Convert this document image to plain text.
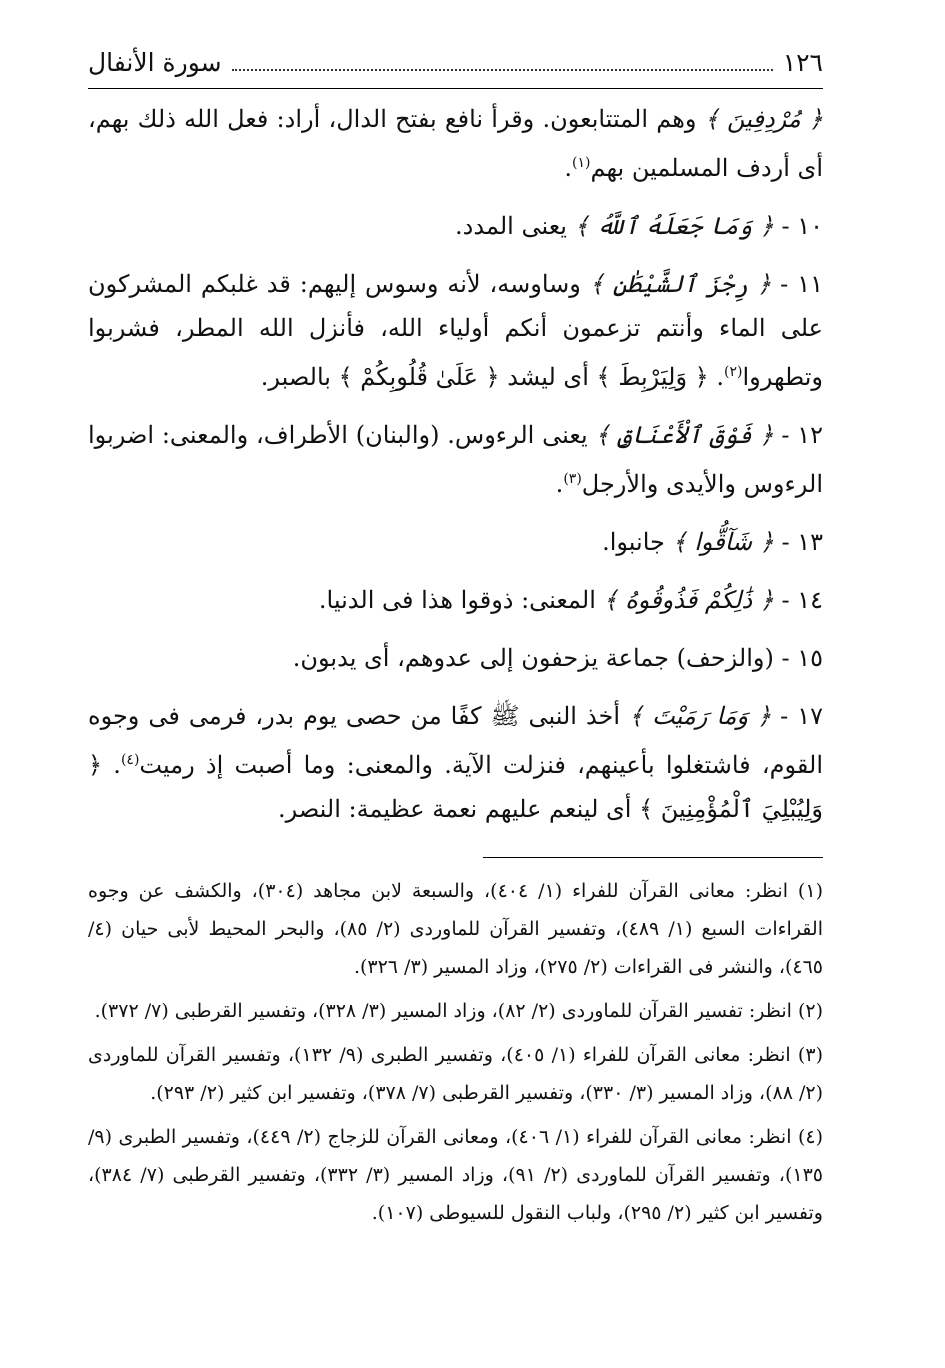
١٢٦
سورة الأنفال

﴿ مُرْدِفِينَ ﴾ وهم المتتابعون. وقرأ نافع بفتح الدال، أراد: فعل الله ذلك بهم، أى أردف المسلمين بهم$^{(١)}$.

١٠ - ﴿ وَمَا جَعَلَهُ ٱللَّهُ ﴾ يعنى المدد.

١١ - ﴿ رِجْزَ ٱلشَّيْطَٰنِ ﴾ وساوسه، لأنه وسوس إليهم: قد غلبكم المشركون على الماء وأنتم تزعمون أنكم أولياء الله، فأنزل الله المطر، فشربوا وتطهروا$^{(٢)}$. ﴿ وَلِيَرْبِطَ ﴾ أى ليشد ﴿ عَلَىٰ قُلُوبِكُمْ ﴾ بالصبر.

١٢ - ﴿ فَوْقَ ٱلْأَعْنَاقِ ﴾ يعنى الرءوس. (والبنان) الأطراف، والمعنى: اضربوا الرءوس والأيدى والأرجل$^{(٣)}$.

١٣ - ﴿ شَآقُّوا ﴾ جانبوا.

١٤ - ﴿ ذَٰلِكُمْ فَذُوقُوهُ ﴾ المعنى: ذوقوا هذا فى الدنيا.

١٥ - (والزحف) جماعة يزحفون إلى عدوهم، أى يدبون.

١٧ - ﴿ وَمَا رَمَيْتَ ﴾ أخذ النبى ﷺ كفًا من حصى يوم بدر، فرمى فى وجوه القوم، فاشتغلوا بأعينهم، فنزلت الآية. والمعنى: وما أصبت إذ رميت$^{(٤)}$. ﴿ وَلِيُبْلِيَ ٱلْمُؤْمِنِينَ ﴾ أى لينعم عليهم نعمة عظيمة: النصر.

(١) انظر: معانى القرآن للفراء (١/ ٤٠٤)، والسبعة لابن مجاهد (٣٠٤)، والكشف عن وجوه القراءات السبع (١/ ٤٨٩)، وتفسير القرآن للماوردى (٢/ ٨٥)، والبحر المحيط لأبى حيان (٤/ ٤٦٥)، والنشر فى القراءات (٢/ ٢٧٥)، وزاد المسير (٣/ ٣٢٦).

(٢) انظر: تفسير القرآن للماوردى (٢/ ٨٢)، وزاد المسير (٣/ ٣٢٨)، وتفسير القرطبى (٧/ ٣٧٢).

(٣) انظر: معانى القرآن للفراء (١/ ٤٠٥)، وتفسير الطبرى (٩/ ١٣٢)، وتفسير القرآن للماوردى (٢/ ٨٨)، وزاد المسير (٣/ ٣٣٠)، وتفسير القرطبى (٧/ ٣٧٨)، وتفسير ابن كثير (٢/ ٢٩٣).

(٤) انظر: معانى القرآن للفراء (١/ ٤٠٦)، ومعانى القرآن للزجاج (٢/ ٤٤٩)، وتفسير الطبرى (٩/ ١٣٥)، وتفسير القرآن للماوردى (٢/ ٩١)، وزاد المسير (٣/ ٣٣٢)، وتفسير القرطبى (٧/ ٣٨٤)، وتفسير ابن كثير (٢/ ٢٩٥)، ولباب النقول للسيوطى (١٠٧).
